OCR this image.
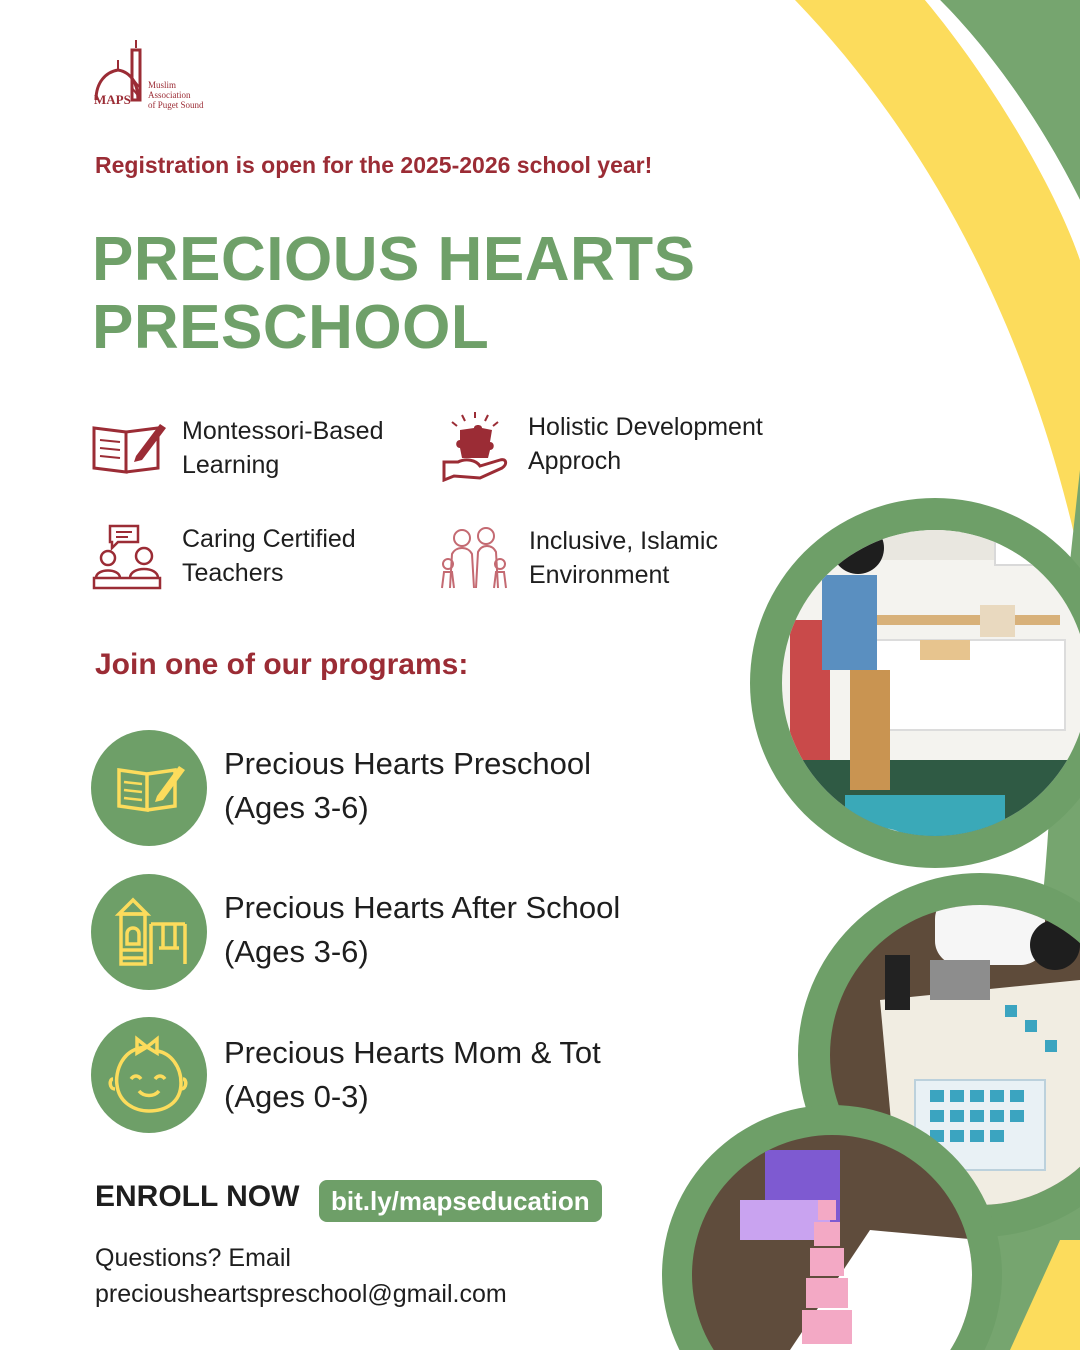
MAPS
Muslim
Association
of Puget Sound
Registration is open for the 2025-2026 school year!
PRECIOUS HEARTS
PRESCHOOL
Montessori-Based
Learning
Holistic Development
Approch
Caring Certified
Teachers
Inclusive, Islamic
Environment
Join one of our programs:
Precious Hearts Preschool
(Ages 3-6)
Precious Hearts After School
(Ages 3-6)
Precious Hearts Mom & Tot
(Ages 0-3)
ENROLL NOW	bit.ly/mapseducation
Questions? Email
preciousheartspreschool@gmail.com
